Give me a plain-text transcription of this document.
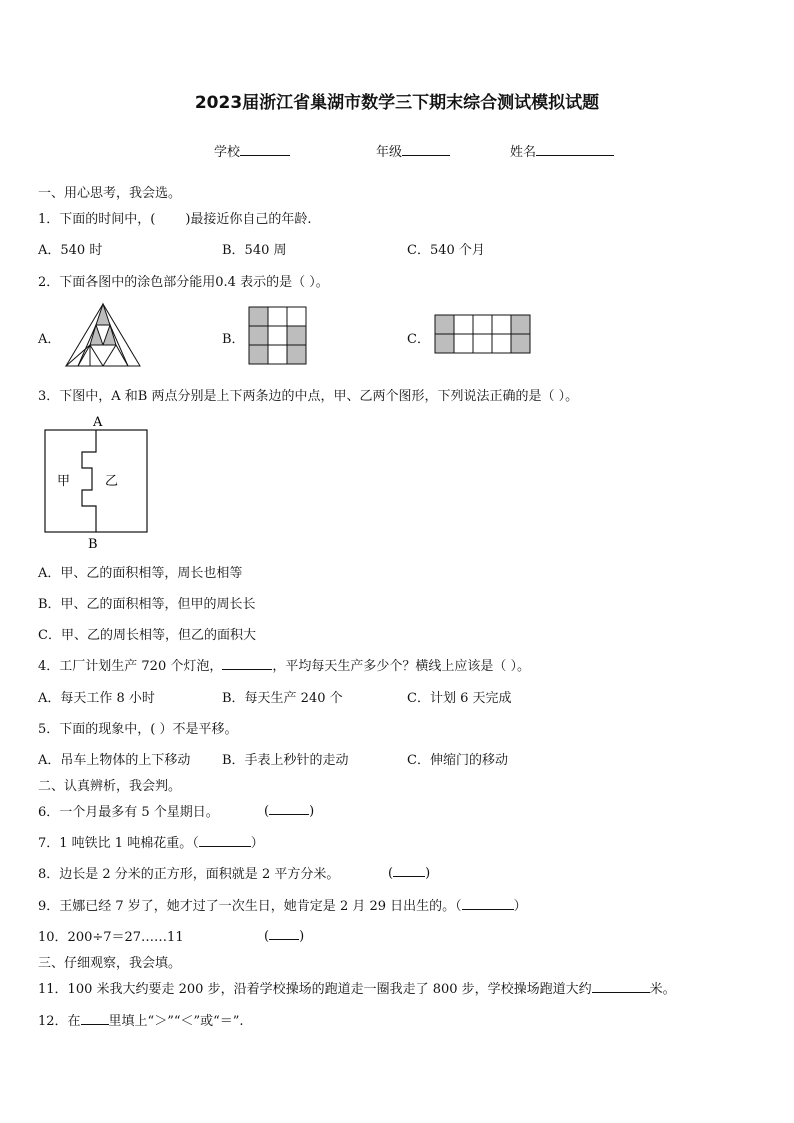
2023届浙江省巢湖市数学三下期末综合测试模拟试题
学校	年级	姓名
一、用心思考，我会选。
1．下面的时间中，( )最接近你自己的年龄.
A．540 时	B．540 周	C．540 个月
2．下面各图中的涂色部分能用0.4 表示的是（ ）。
A．	B．	C．
3．下图中，A 和B 两点分别是上下两条边的中点，甲、乙两个图形，下列说法正确的是（ ）。
A
B
甲	乙
A．甲、乙的面积相等，周长也相等
B．甲、乙的面积相等，但甲的周长长
C．甲、乙的周长相等，但乙的面积大
4．工厂计划生产 720 个灯泡，	，平均每天生产多少个？横线上应该是（ ）。
A．每天工作 8 小时	B．每天生产 240 个	C．计划 6 天完成
5．下面的现象中，( ）不是平移。
A．吊车上物体的上下移动 B．手表上秒针的走动	C．伸缩门的移动
二、认真辨析，我会判。
6．一个月最多有 5 个星期日。	(	)
7．1 吨铁比 1 吨棉花重。（	）
8．边长是 2 分米的正方形，面积就是 2 平方分米。	( )
9．王娜已经 7 岁了，她才过了一次生日，她肯定是 2 月 29 日出生的。（	）
10．200÷7＝27……11	( )
三、仔细观察，我会填。
11．100 米我大约要走 200 步，沿着学校操场的跑道走一圈我走了 800 步，学校操场跑道大约	米。
12．在 里填上“＞”“＜”或“＝”.
